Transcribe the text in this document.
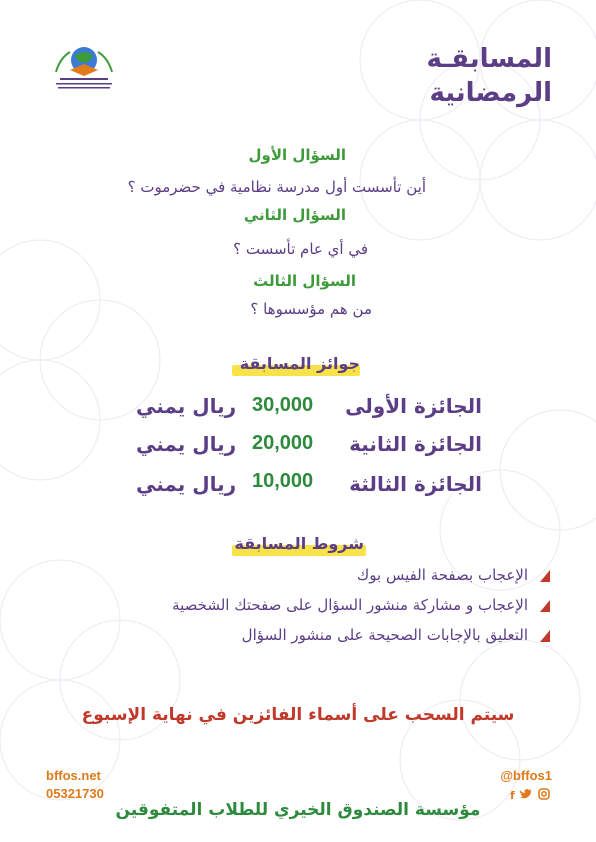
المسابقـة
الرمضانية
السؤال الأول
أين تأسست أول مدرسة نظامية في حضرموت ؟
السؤال الثاني
في أي عام تأسست ؟
السؤال الثالث
من هم مؤسسوها ؟
جوائز المسابقة
الجائزة الأولى
30,000
ريال يمني
الجائزة الثانية
20,000
ريال يمني
الجائزة الثالثة
10,000
ريال يمني
شروط المسابقة
الإعجاب بصفحة الفيس بوك
الإعجاب و مشاركة منشور السؤال على صفحتك الشخصية
التعليق بالإجابات الصحيحة على منشور السؤال
سيتم السحب على أسماء الفائزين في نهاية الإسبوع
bffos.net
05321730
@bffos1
f
مؤسسة الصندوق الخيري للطلاب المتفوقين
